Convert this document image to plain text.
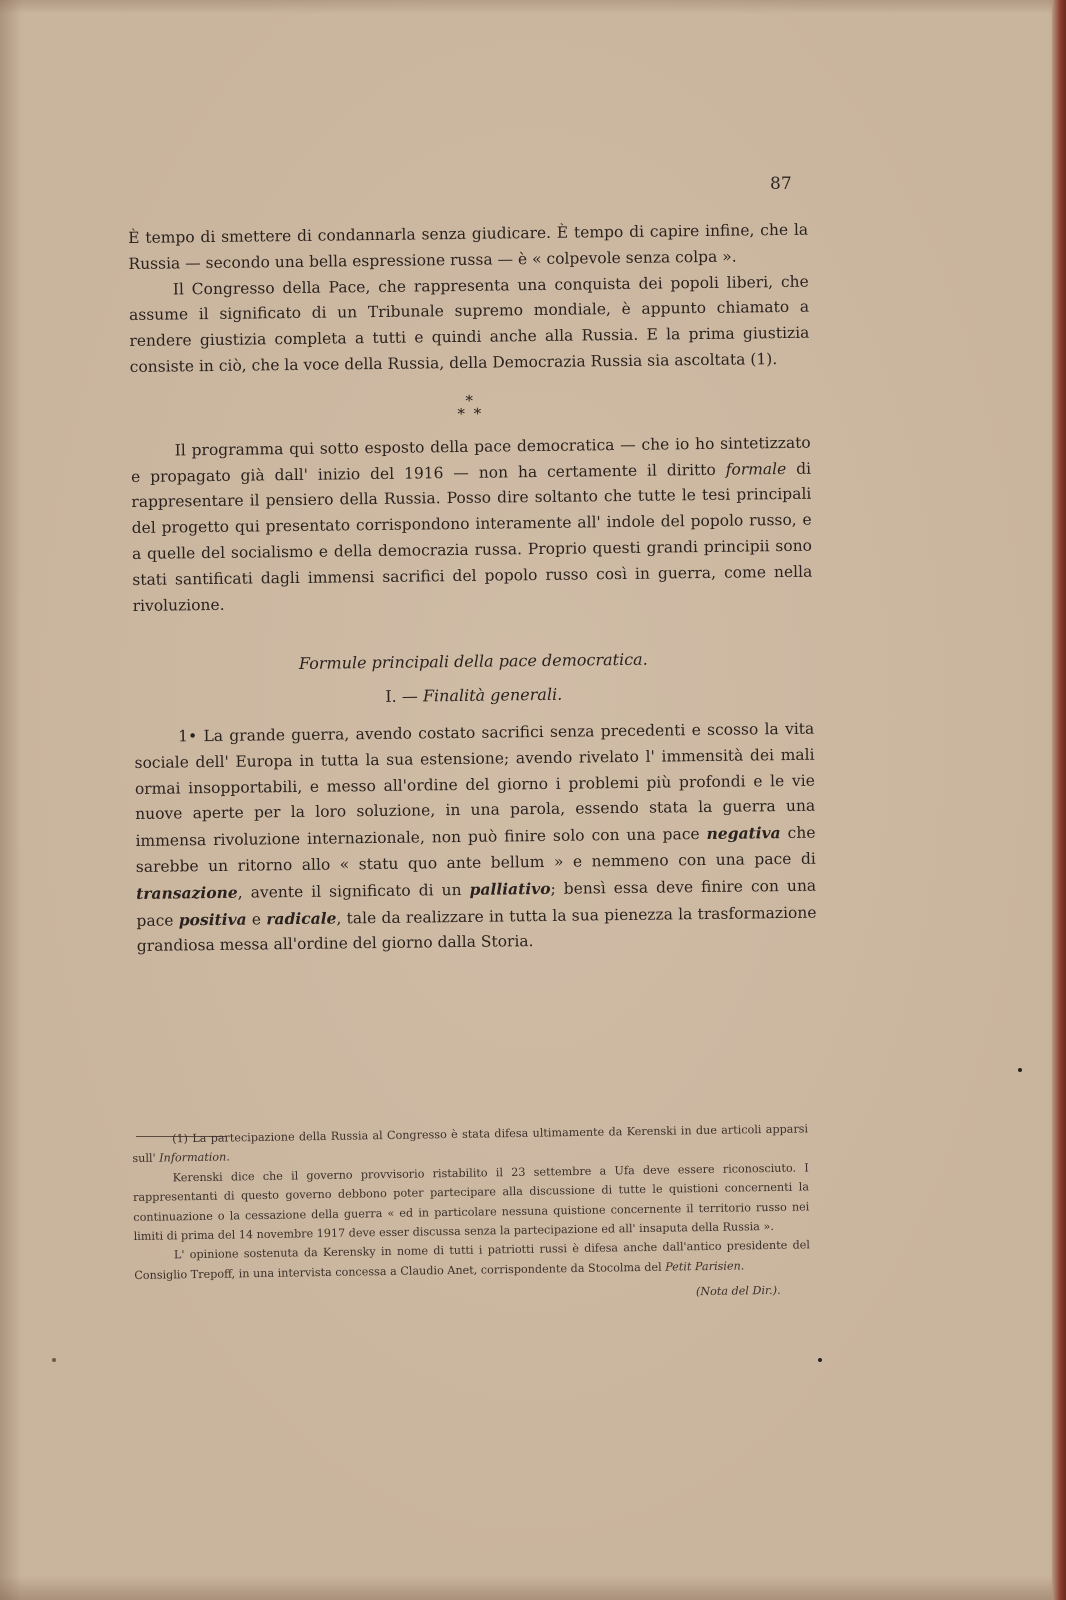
87

È tempo di smettere di condannarla senza giudicare. È tempo di capire infine, che la Russia — secondo una bella espressione russa — è « colpevole senza colpa ».

Il Congresso della Pace, che rappresenta una conquista dei popoli liberi, che assume il significato di un Tribunale supremo mondiale, è appunto chiamato a rendere giustizia completa a tutti e quindi anche alla Russia. E la prima giustizia consiste in ciò, che la voce della Russia, della Democrazia Russia sia ascoltata (1).

*
* *

Il programma qui sotto esposto della pace democratica — che io ho sintetizzato e propagato già dall' inizio del 1916 — non ha certamente il diritto formale di rappresentare il pensiero della Russia. Posso dire soltanto che tutte le tesi principali del progetto qui presentato corrispondono interamente all' indole del popolo russo, e a quelle del socialismo e della democrazia russa. Proprio questi grandi principii sono stati santificati dagli immensi sacrifici del popolo russo così in guerra, come nella rivoluzione.

Formule principali della pace democratica.
I. — Finalità generali.

1• La grande guerra, avendo costato sacrifici senza precedenti e scosso la vita sociale dell' Europa in tutta la sua estensione; avendo rivelato l' immensità dei mali ormai insopportabili, e messo all'ordine del giorno i problemi più profondi e le vie nuove aperte per la loro soluzione, in una parola, essendo stata la guerra una immensa rivoluzione internazionale, non può finire solo con una pace negativa che sarebbe un ritorno allo « statu quo ante bellum » e nemmeno con una pace di transazione, avente il significato di un palliativo; bensì essa deve finire con una pace positiva e radicale, tale da realizzare in tutta la sua pienezza la trasformazione grandiosa messa all'ordine del giorno dalla Storia.

(1) La partecipazione della Russia al Congresso è stata difesa ultimamente da Kerenski in due articoli apparsi sull' Information.

Kerenski dice che il governo provvisorio ristabilito il 23 settembre a Ufa deve essere riconosciuto. I rappresentanti di questo governo debbono poter partecipare alla discussione di tutte le quistioni concernenti la continuazione o la cessazione della guerra « ed in particolare nessuna quistione concernente il territorio russo nei limiti di prima del 14 novembre 1917 deve esser discussa senza la partecipazione ed all' insaputa della Russia ».

L' opinione sostenuta da Kerensky in nome di tutti i patriotti russi è difesa anche dall'antico presidente del Consiglio Trepoff, in una intervista concessa a Claudio Anet, corrispondente da Stocolma del Petit Parisien.

(Nota del Dir.).
